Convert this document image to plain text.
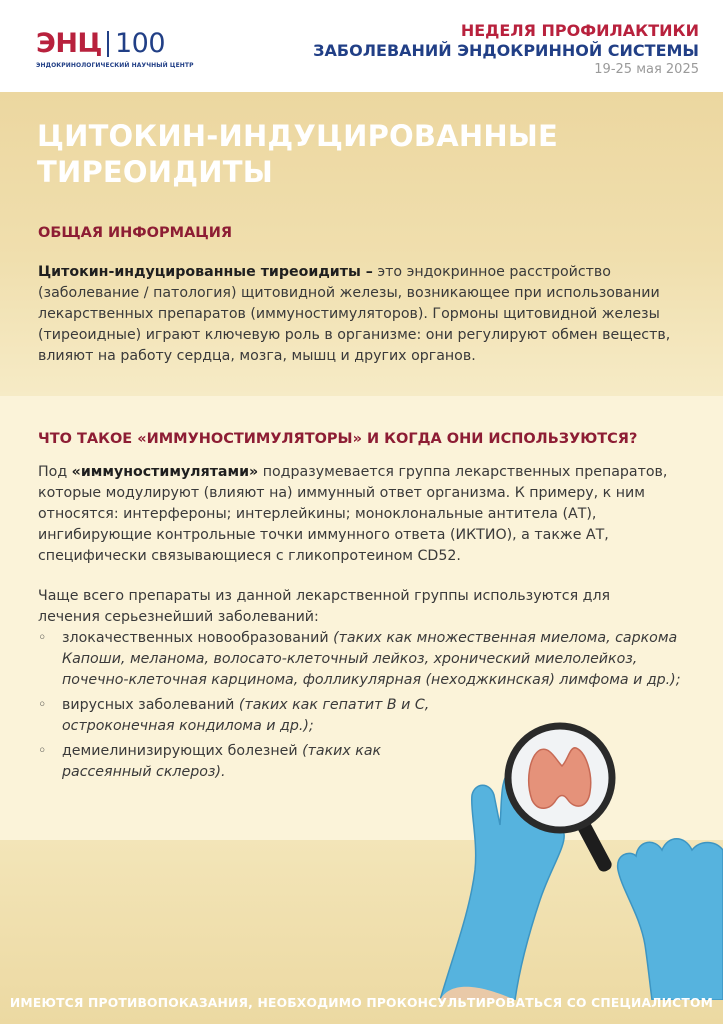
ЭНЦ 100
ЭНДОКРИНОЛОГИЧЕСКИЙ НАУЧНЫЙ ЦЕНТР
НЕДЕЛЯ ПРОФИЛАКТИКИ
ЗАБОЛЕВАНИЙ ЭНДОКРИННОЙ СИСТЕМЫ
19-25 мая 2025
ЦИТОКИН-ИНДУЦИРОВАННЫЕ
ТИРЕОИДИТЫ
ОБЩАЯ ИНФОРМАЦИЯ
Цитокин-индуцированные тиреоидиты – это эндокринное расстройство (заболевание / патология) щитовидной железы, возникающее при использовании лекарственных препаратов (иммуностимуляторов). Гормоны щитовидной железы (тиреоидные) играют ключевую роль в организме: они регулируют обмен веществ, влияют на работу сердца, мозга, мышц и других органов.
ЧТО ТАКОЕ «ИММУНОСТИМУЛЯТОРЫ» И КОГДА ОНИ ИСПОЛЬЗУЮТСЯ?
Под «иммуностимулятами» подразумевается группа лекарственных препаратов, которые модулируют (влияют на) иммунный ответ организма. К примеру, к ним относятся: интерфероны; интерлейкины; моноклональные антитела (АТ), ингибирующие контрольные точки иммунного ответа (ИКТИО), а также АТ, специфически связывающиеся с гликопротеином CD52.
Чаще всего препараты из данной лекарственной группы используются для лечения серьезнейший заболеваний:
◦ злокачественных новообразований (таких как множественная миелома, саркома Капоши, меланома, волосато-клеточный лейкоз, хронический миелолейкоз, почечно-клеточная карцинома, фолликулярная (неходжкинская) лимфома и др.);
◦ вирусных заболеваний (таких как гепатит В и С, остроконечная кондилома и др.);
◦ демиелинизирующих болезней (таких как рассеянный склероз).
ИМЕЮТСЯ ПРОТИВОПОКАЗАНИЯ, НЕОБХОДИМО ПРОКОНСУЛЬТИРОВАТЬСЯ СО СПЕЦИАЛИСТОМ
